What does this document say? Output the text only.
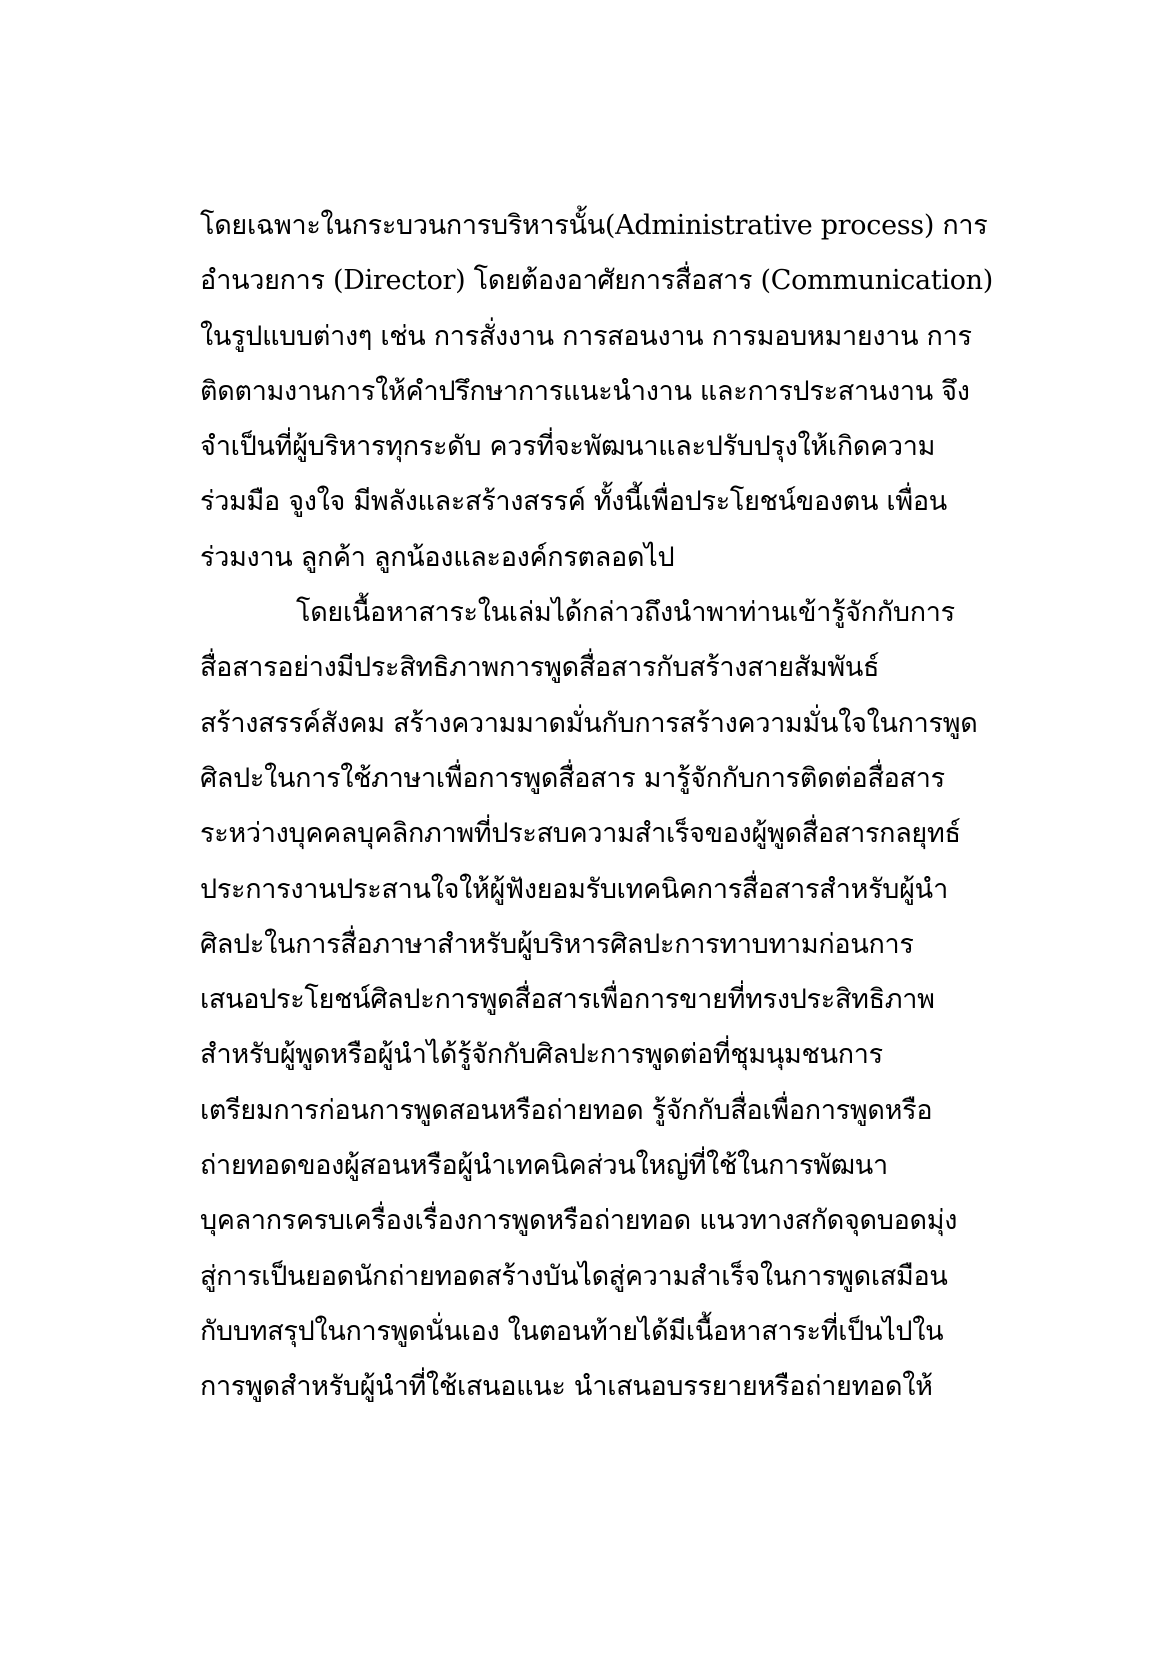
โดยเฉพาะในกระบวนการบริหารนั้น(Administrative process) การ
อำนวยการ (Director) โดยต้องอาศัยการสื่อสาร (Communication)
ในรูปแบบต่างๆ เช่น การสั่งงาน การสอนงาน การมอบหมายงาน การ
ติดตามงานการให้คำปรึกษาการแนะนำงาน และการประสานงาน จึง
จำเป็นที่ผู้บริหารทุกระดับ ควรที่จะพัฒนาและปรับปรุงให้เกิดความ
ร่วมมือ จูงใจ มีพลังและสร้างสรรค์ ทั้งนี้เพื่อประโยชน์ของตน เพื่อน
ร่วมงาน ลูกค้า ลูกน้องและองค์กรตลอดไป
โดยเนื้อหาสาระในเล่มได้กล่าวถึงนำพาท่านเข้ารู้จักกับการ
สื่อสารอย่างมีประสิทธิภาพการพูดสื่อสารกับสร้างสายสัมพันธ์
สร้างสรรค์สังคม สร้างความมาดมั่นกับการสร้างความมั่นใจในการพูด
ศิลปะในการใช้ภาษาเพื่อการพูดสื่อสาร มารู้จักกับการติดต่อสื่อสาร
ระหว่างบุคคลบุคลิกภาพที่ประสบความสำเร็จของผู้พูดสื่อสารกลยุทธ์
ประการงานประสานใจให้ผู้ฟังยอมรับเทคนิคการสื่อสารสำหรับผู้นำ
ศิลปะในการสื่อภาษาสำหรับผู้บริหารศิลปะการทาบทามก่อนการ
เสนอประโยชน์ศิลปะการพูดสื่อสารเพื่อการขายที่ทรงประสิทธิภาพ
สำหรับผู้พูดหรือผู้นำได้รู้จักกับศิลปะการพูดต่อที่ชุมนุมชนการ
เตรียมการก่อนการพูดสอนหรือถ่ายทอด รู้จักกับสื่อเพื่อการพูดหรือ
ถ่ายทอดของผู้สอนหรือผู้นำเทคนิคส่วนใหญ่ที่ใช้ในการพัฒนา
บุคลากรครบเครื่องเรื่องการพูดหรือถ่ายทอด แนวทางสกัดจุดบอดมุ่ง
สู่การเป็นยอดนักถ่ายทอดสร้างบันไดสู่ความสำเร็จในการพูดเสมือน
กับบทสรุปในการพูดนั่นเอง ในตอนท้ายได้มีเนื้อหาสาระที่เป็นไปใน
การพูดสำหรับผู้นำที่ใช้เสนอแนะ นำเสนอบรรยายหรือถ่ายทอดให้
